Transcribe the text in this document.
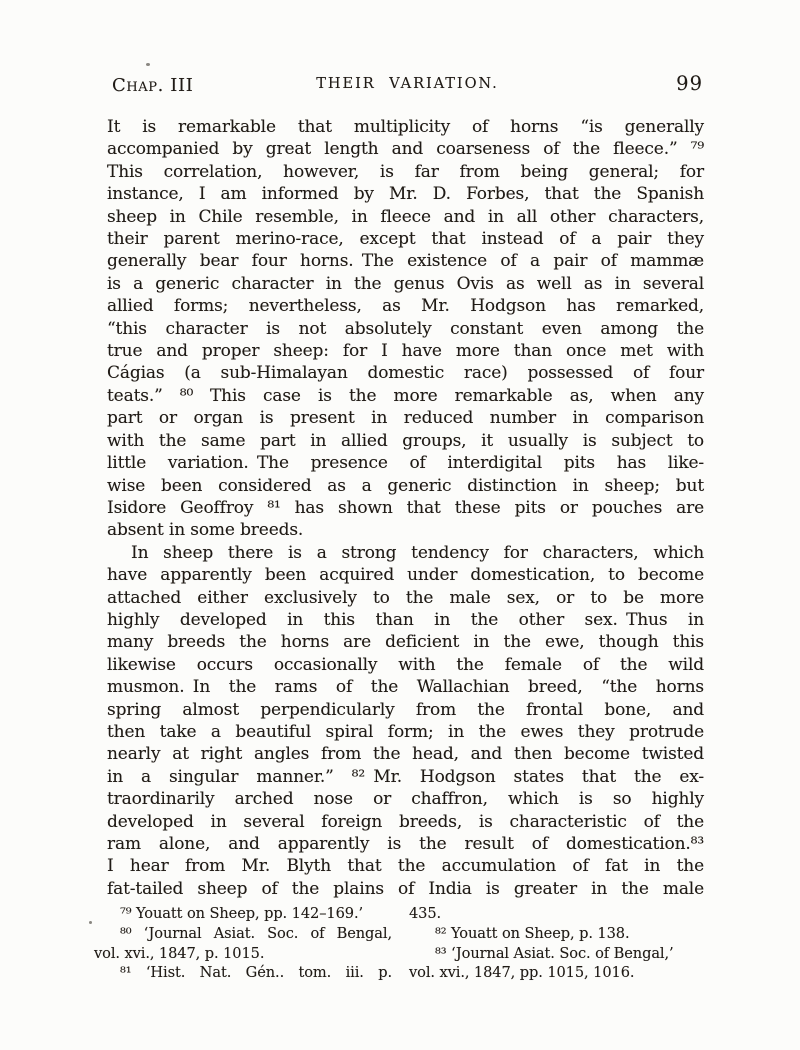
Chap. III	THEIR VARIATION.	99
It is remarkable that multiplicity of horns “is generally
accompanied by great length and coarseness of the fleece.” ⁷⁹
This correlation, however, is far from being general; for
instance, I am informed by Mr. D. Forbes, that the Spanish
sheep in Chile resemble, in fleece and in all other characters,
their parent merino-race, except that instead of a pair they
generally bear four horns. The existence of a pair of mammæ
is a generic character in the genus Ovis as well as in several
allied forms; nevertheless, as Mr. Hodgson has remarked,
“this character is not absolutely constant even among the
true and proper sheep: for I have more than once met with
Cágias (a sub-Himalayan domestic race) possessed of four
teats.” ⁸⁰ This case is the more remarkable as, when any
part or organ is present in reduced number in comparison
with the same part in allied groups, it usually is subject to
little variation. The presence of interdigital pits has like-
wise been considered as a generic distinction in sheep; but
Isidore Geoffroy ⁸¹ has shown that these pits or pouches are
absent in some breeds.
In sheep there is a strong tendency for characters, which
have apparently been acquired under domestication, to become
attached either exclusively to the male sex, or to be more
highly developed in this than in the other sex. Thus in
many breeds the horns are deficient in the ewe, though this
likewise occurs occasionally with the female of the wild
musmon. In the rams of the Wallachian breed, “the horns
spring almost perpendicularly from the frontal bone, and
then take a beautiful spiral form; in the ewes they protrude
nearly at right angles from the head, and then become twisted
in a singular manner.” ⁸² Mr. Hodgson states that the ex-
traordinarily arched nose or chaffron, which is so highly
developed in several foreign breeds, is characteristic of the
ram alone, and apparently is the result of domestication.⁸³
I hear from Mr. Blyth that the accumulation of fat in the
fat-tailed sheep of the plains of India is greater in the male
⁷⁹ Youatt on Sheep, pp. 142–169.’
⁸⁰ ‘Journal Asiat. Soc. of Bengal,
vol. xvi., 1847, p. 1015.
⁸¹ ‘Hist. Nat. Gén.. tom. iii. p.
435.
⁸² Youatt on Sheep, p. 138.
⁸³ ‘Journal Asiat. Soc. of Bengal,’
vol. xvi., 1847, pp. 1015, 1016.
